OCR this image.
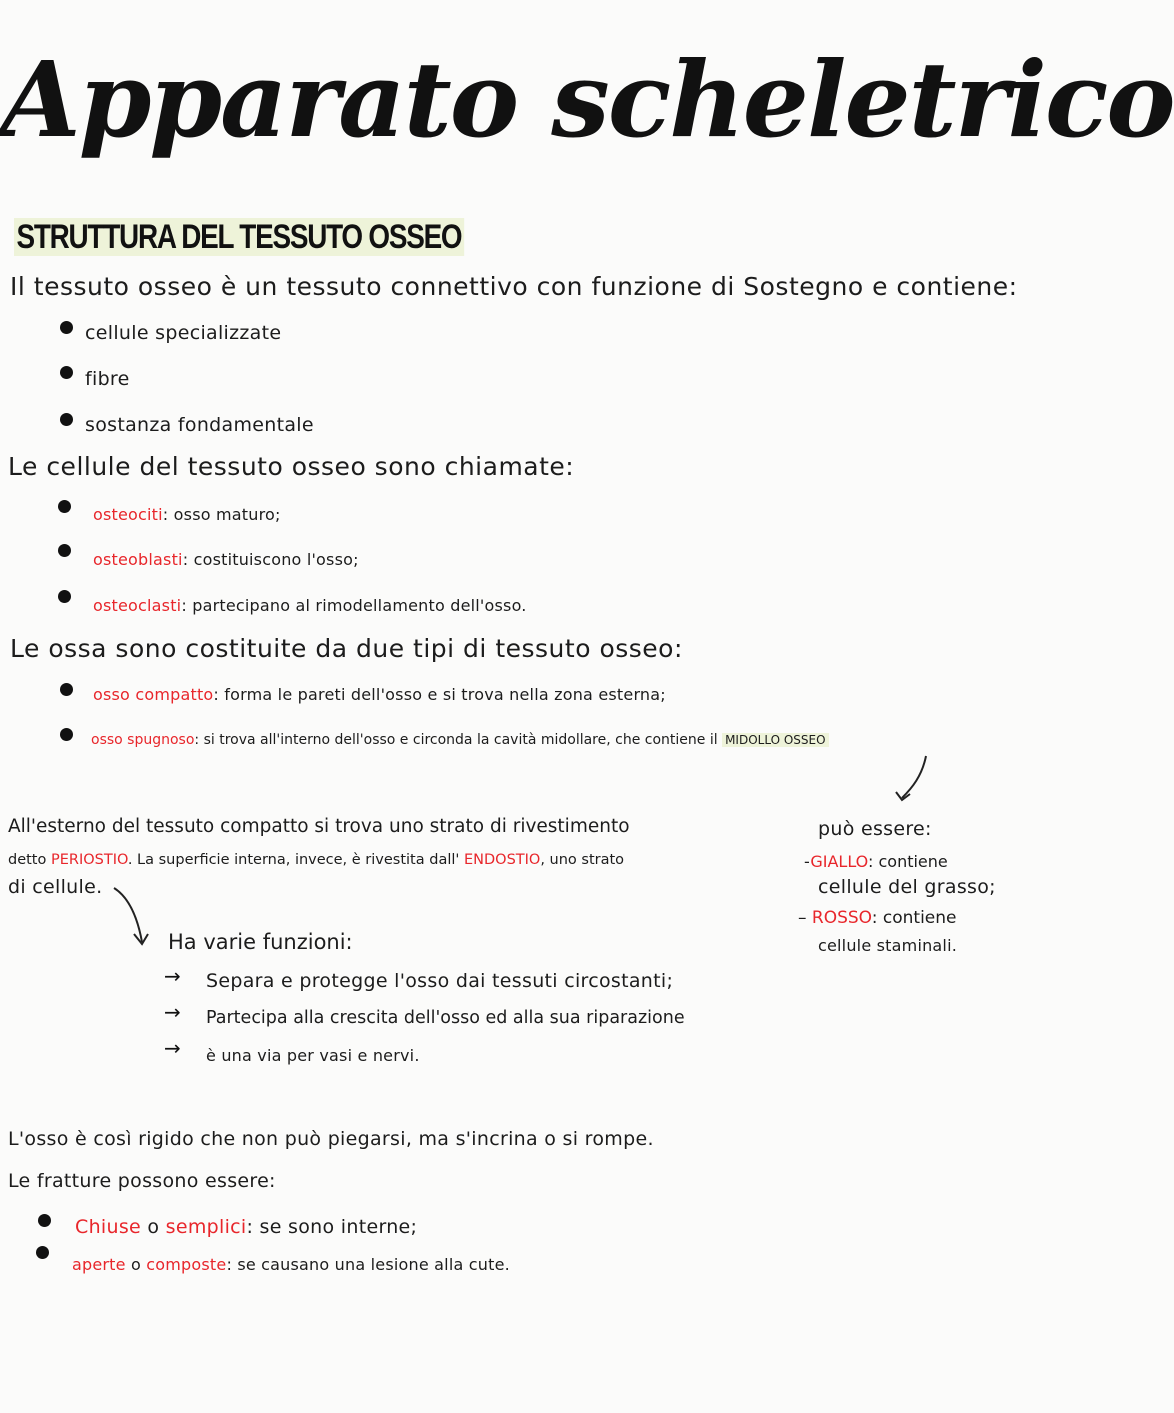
Apparato scheletrico
STRUTTURA DEL TESSUTO OSSEO
Il tessuto osseo è un tessuto connettivo con funzione di Sostegno e contiene:
cellule specializzate
fibre
sostanza fondamentale
Le cellule del tessuto osseo sono chiamate:
osteociti: osso maturo;
osteoblasti: costituiscono l'osso;
osteoclasti: partecipano al rimodellamento dell'osso.
Le ossa sono costituite da due tipi di tessuto osseo:
osso compatto: forma le pareti dell'osso e si trova nella zona esterna;
osso spugnoso: si trova all'interno dell'osso e circonda la cavità midollare, che contiene il MIDOLLO OSSEO
può essere:
-GIALLO: contiene
cellule del grasso;
– ROSSO: contiene
cellule staminali.
All'esterno del tessuto compatto si trova uno strato di rivestimento
detto PERIOSTIO. La superficie interna, invece, è rivestita dall' ENDOSTIO, uno strato
di cellule.
Ha varie funzioni:
→ Separa e protegge l'osso dai tessuti circostanti;
→ Partecipa alla crescita dell'osso ed alla sua riparazione
→ è una via per vasi e nervi.
L'osso è così rigido che non può piegarsi, ma s'incrina o si rompe.
Le fratture possono essere:
Chiuse o semplici: se sono interne;
aperte o composte: se causano una lesione alla cute.
